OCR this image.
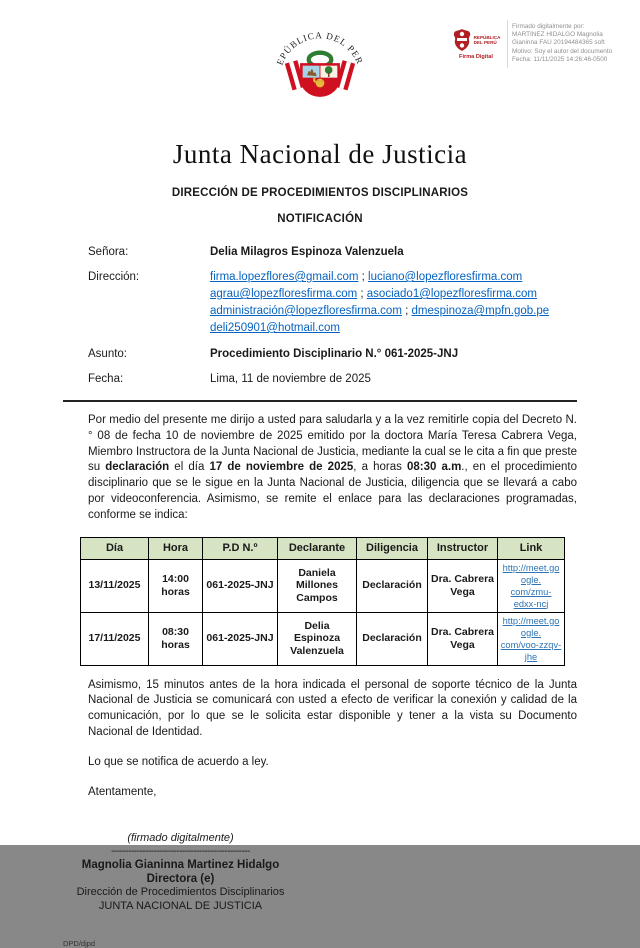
REPÚBLICA
DEL PERÚ
Firma Digital
Firmado digitalmente por:
MARTINEZ HIDALGO Magnolia
Gianinna FAU 20194484365 soft
Motivo: Soy el autor del documento
Fecha: 11/11/2025 14:26:46-0500
EPÚBLICA DEL PER
Junta Nacional de Justicia
DIRECCIÓN DE PROCEDIMIENTOS DISCIPLINARIOS
NOTIFICACIÓN
Señora:	Delia Milagros Espinoza Valenzuela
Dirección:	firma.lopezflores@gmail.com ; luciano@lopezfloresfirma.com
agrau@lopezfloresfirma.com ; asociado1@lopezfloresfirma.com
administración@lopezfloresfirma.com ; dmespinoza@mpfn.gob.pe
deli250901@hotmail.com
Asunto:	Procedimiento Disciplinario N.° 061-2025-JNJ
Fecha:	Lima, 11 de noviembre de 2025

Por medio del presente me dirijo a usted para saludarla y a la vez remitirle copia del Decreto N.° 08 de fecha 10 de noviembre de 2025 emitido por la doctora María Teresa Cabrera Vega, Miembro Instructora de la Junta Nacional de Justicia, mediante la cual se le cita a fin que preste su declaración el día 17 de noviembre de 2025, a horas 08:30 a.m., en el procedimiento disciplinario que se le sigue en la Junta Nacional de Justicia, diligencia que se llevará a cabo por videoconferencia. Asimismo, se remite el enlace para las declaraciones programadas, conforme se indica:

Día	Hora	P.D N.º	Declarante	Diligencia	Instructor	Link
13/11/2025	14:00 horas	061-2025-JNJ	Daniela Millones Campos	Declaración	Dra. Cabrera Vega	http://meet.google.
com/zmu-edxx-ncj

17/11/2025	08:30 horas	061-2025-JNJ	Delia Espinoza Valenzuela	Declaración	Dra. Cabrera Vega	http://meet.google.
com/voo-zzqv-jhe

Asimismo, 15 minutos antes de la hora indicada el personal de soporte técnico de la Junta Nacional de Justicia se comunicará con usted a efecto de verificar la conexión y calidad de la comunicación, por lo que se le solicita estar disponible y tener a la vista su Documento Nacional de Identidad.

Lo que se notifica de acuerdo a ley.

Atentamente,

(firmado digitalmente)
-------------------------------------------------
Magnolia Gianinna Martinez Hidalgo
Directora (e)
Dirección de Procedimientos Disciplinarios
JUNTA NACIONAL DE JUSTICIA
DPD/djpd
